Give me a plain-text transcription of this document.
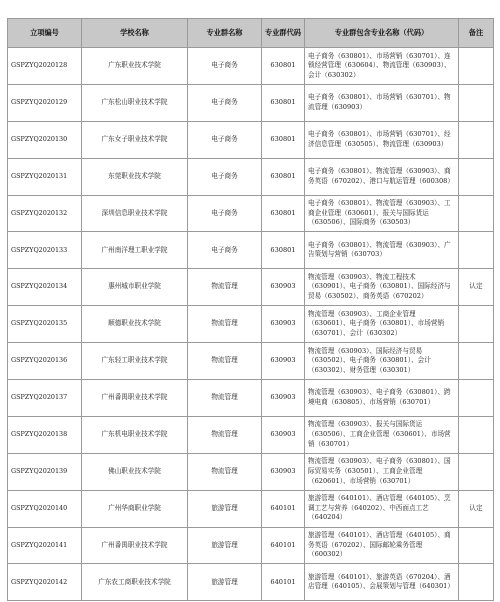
立项编号	学校名称	专业群名称	专业群代码	专业群包含专业名称（代码）	备注
GSPZYQ2020128	广东职业技术学院	电子商务	630801	电子商务（630801）、市场营销（630701）、连锁经营管理（630604）、物流管理（630903）、会计（630302）	
GSPZYQ2020129	广东松山职业技术学院	电子商务	630801	电子商务（630801）、市场营销（630701）、物流管理（630903）	
GSPZYQ2020130	广东女子职业技术学院	电子商务	630801	电子商务（630801）、市场营销（630701）、经济信息管理（630505）、物流管理（630903）	
GSPZYQ2020131	东莞职业技术学院	电子商务	630801	电子商务（630801）、物流管理（630903）、商务英语（670202）、港口与航运管理（600308）	
GSPZYQ2020132	深圳信息职业技术学院	电子商务	630801	电子商务（630801）、物流管理（630903）、工商企业管理（630601）、报关与国际货运（630506）、国际商务（630503）	
GSPZYQ2020133	广州南洋理工职业学院	电子商务	630801	电子商务（630801）、物流管理（630903）、广告策划与营销（630703）	
GSPZYQ2020134	惠州城市职业学院	物流管理	630903	物流管理（630903）、物流工程技术（630901）、电子商务（630801）、国际经济与贸易（630502）、商务英语（670202）	认定
GSPZYQ2020135	顺德职业技术学院	物流管理	630903	物流管理（630903）、工商企业管理（630601）、电子商务（630801）、市场营销（630701）、会计（630302）	
GSPZYQ2020136	广东轻工职业技术学院	物流管理	630903	物流管理（630903）、国际经济与贸易（630502）、电子商务（630801）、会计（630302）、财务管理（630301）	
GSPZYQ2020137	广州番禺职业技术学院	物流管理	630903	物流管理（630903）、电子商务（630801）、跨境电商（630805）、市场营销（630701）	
GSPZYQ2020138	广东机电职业技术学院	物流管理	630903	物流管理（630903）、报关与国际货运（630506）、工商企业管理（630601）、市场营销（630701）	
GSPZYQ2020139	佛山职业技术学院	物流管理	630903	物流管理（630903）、电子商务（630801）、国际贸易实务（630501）、工商企业管理（620601）、市场营销（630701）	
GSPZYQ2020140	广州华商职业学院	旅游管理	640101	旅游管理（640101）、酒店管理（640105）、烹调工艺与营养（640202）、中西面点工艺（640204）	认定
GSPZYQ2020141	广州番禺职业技术学院	旅游管理	640101	旅游管理（640101）、酒店管理（640105）、商务英语（670202）、国际邮轮乘务管理（600302）	
GSPZYQ2020142	广东农工商职业技术学院	旅游管理	640101	旅游管理（640101）、旅游英语（670204）、酒店管理（640105）、会展策划与管理（640301）	
